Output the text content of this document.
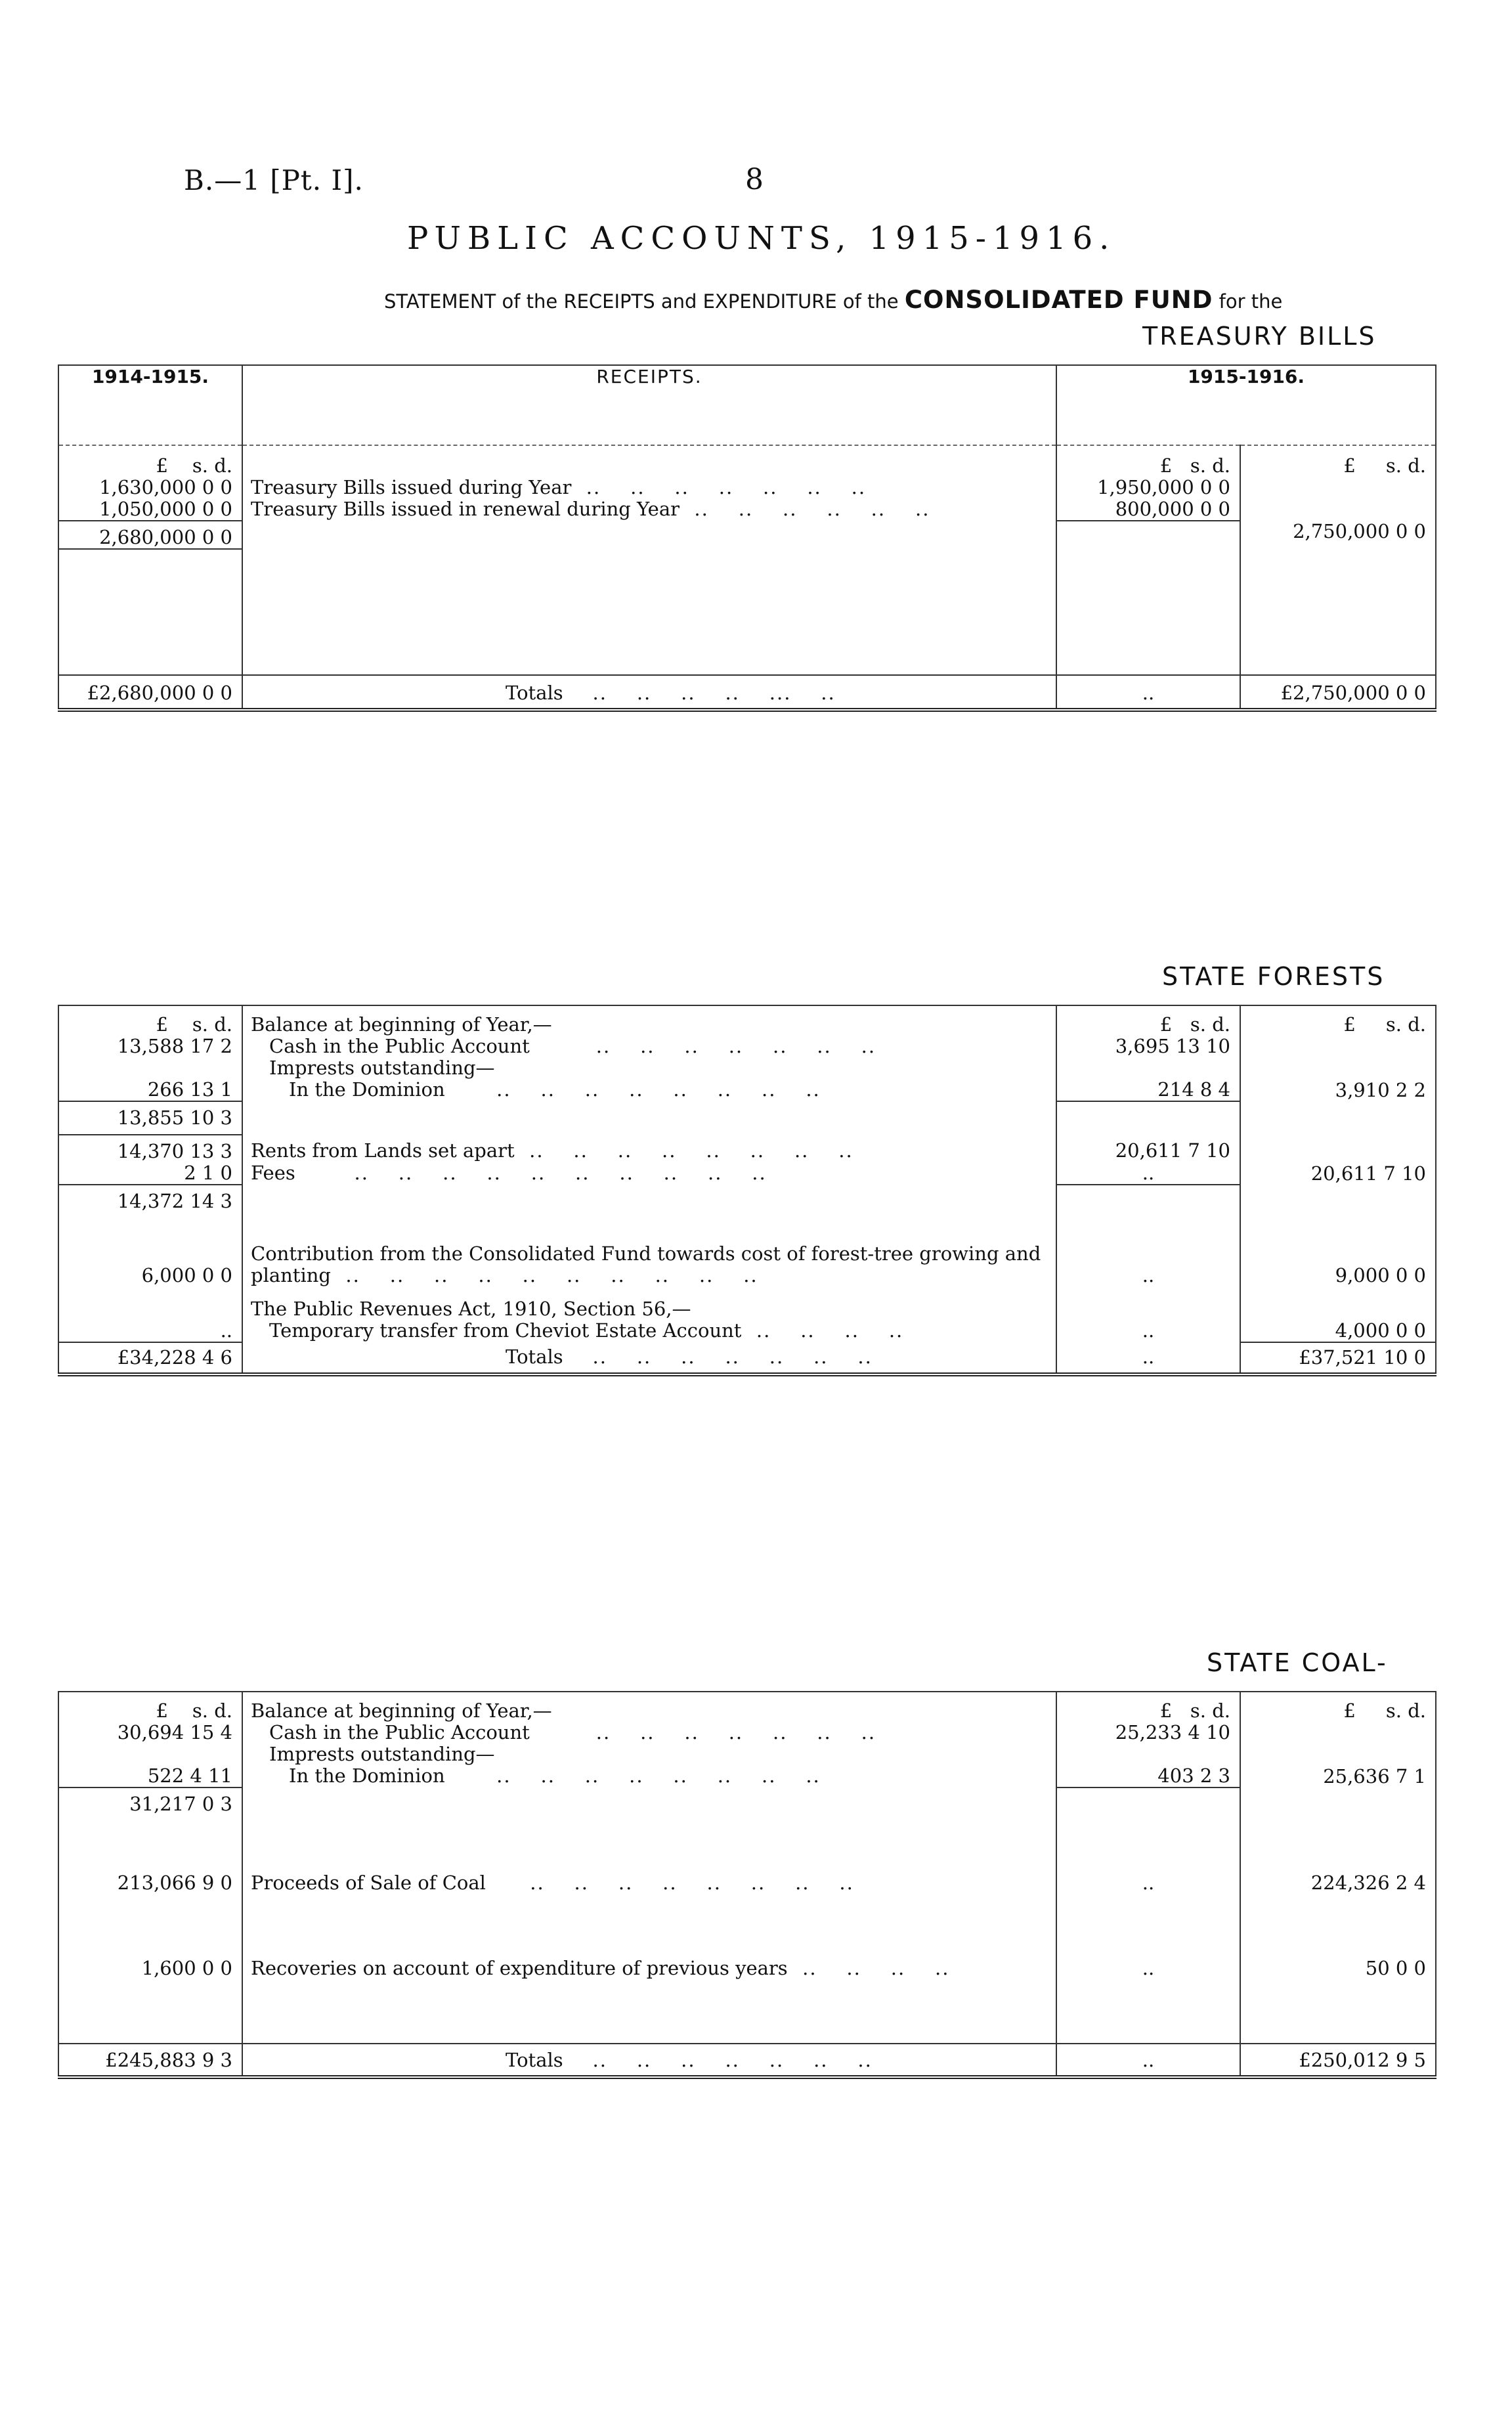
B.—1 [Pt. I].	8
PUBLIC ACCOUNTS, 1915-1916.
STATEMENT of the RECEIPTS and EXPENDITURE of the CONSOLIDATED FUND for the
TREASURY BILLS
1914-1915.	RECEIPTS.	1915-1916.	
£ s. d.		£ s. d.	£ s. d.
1,630,000 0 0	Treasury Bills issued during Year  ..    ..    ..    ..    ..    ..    ..	1,950,000 0 0	
1,050,000 0 0	Treasury Bills issued in renewal during Year  ..    ..    ..    ..    ..    ..	800,000 0 0	
2,680,000 0 0			2,750,000 0 0

£2,680,000 0 0	Totals    ..    ..    ..    ..    ...    ..	..	£2,750,000 0 0
STATE FORESTS
£ s. d.	Balance at beginning of Year,—	£ s. d.	£ s. d.
13,588 17 2	Cash in the Public Account         ..    ..    ..    ..    ..    ..    ..	3,695 13 10	
	Imprests outstanding—		
266 13 1	In the Dominion       ..    ..    ..    ..    ..    ..    ..    ..	214 8 4	3,910 2 2
13,855 10 3			
14,370 13 3	Rents from Lands set apart  ..    ..    ..    ..    ..    ..    ..    ..	20,611 7 10	
2 1 0	Fees        ..    ..    ..    ..    ..    ..    ..    ..    ..    ..	..	20,611 7 10
14,372 14 3			
	Contribution from the Consolidated Fund towards cost of forest-tree growing and		
6,000 0 0	planting  ..    ..    ..    ..    ..    ..    ..    ..    ..    ..	..	9,000 0 0
	The Public Revenues Act, 1910, Section 56,—		
..	Temporary transfer from Cheviot Estate Account  ..    ..    ..    ..	..	4,000 0 0
£34,228 4 6	Totals    ..    ..    ..    ..    ..    ..    ..	..	£37,521 10 0
STATE COAL-
£ s. d.	Balance at beginning of Year,—	£ s. d.	£ s. d.
30,694 15 4	Cash in the Public Account         ..    ..    ..    ..    ..    ..    ..	25,233 4 10	
	Imprests outstanding—		
522 4 11	In the Dominion       ..    ..    ..    ..    ..    ..    ..    ..	403 2 3	25,636 7 1
31,217 0 3			
213,066 9 0	Proceeds of Sale of Coal      ..    ..    ..    ..    ..    ..    ..    ..	..	224,326 2 4
1,600 0 0	Recoveries on account of expenditure of previous years  ..    ..    ..    ..	..	50 0 0
£245,883 9 3	Totals    ..    ..    ..    ..    ..    ..    ..	..	£250,012 9 5
